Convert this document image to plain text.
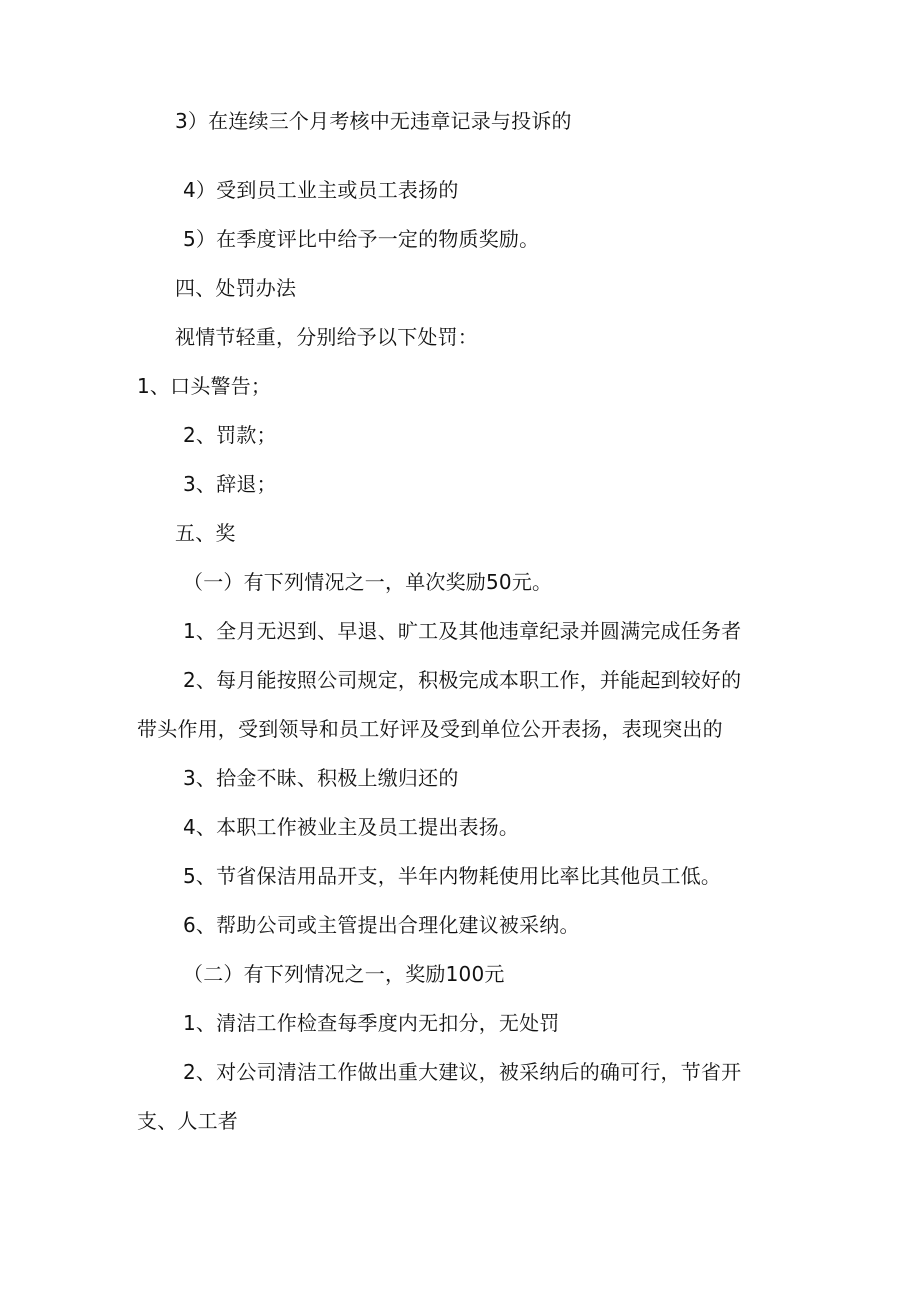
3）在连续三个月考核中无违章记录与投诉的
4）受到员工业主或员工表扬的
5）在季度评比中给予一定的物质奖励。
四、处罚办法
视情节轻重，分别给予以下处罚：
1、口头警告；
2、罚款；
3、辞退；
五、奖
（一）有下列情况之一，单次奖励50元。
1、全月无迟到、早退、旷工及其他违章纪录并圆满完成任务者
2、每月能按照公司规定，积极完成本职工作，并能起到较好的
带头作用，受到领导和员工好评及受到单位公开表扬，表现突出的
3、拾金不昧、积极上缴归还的
4、本职工作被业主及员工提出表扬。
5、节省保洁用品开支，半年内物耗使用比率比其他员工低。
6、帮助公司或主管提出合理化建议被采纳。
（二）有下列情况之一，奖励100元
1、清洁工作检查每季度内无扣分，无处罚
2、对公司清洁工作做出重大建议，被采纳后的确可行，节省开
支、人工者
